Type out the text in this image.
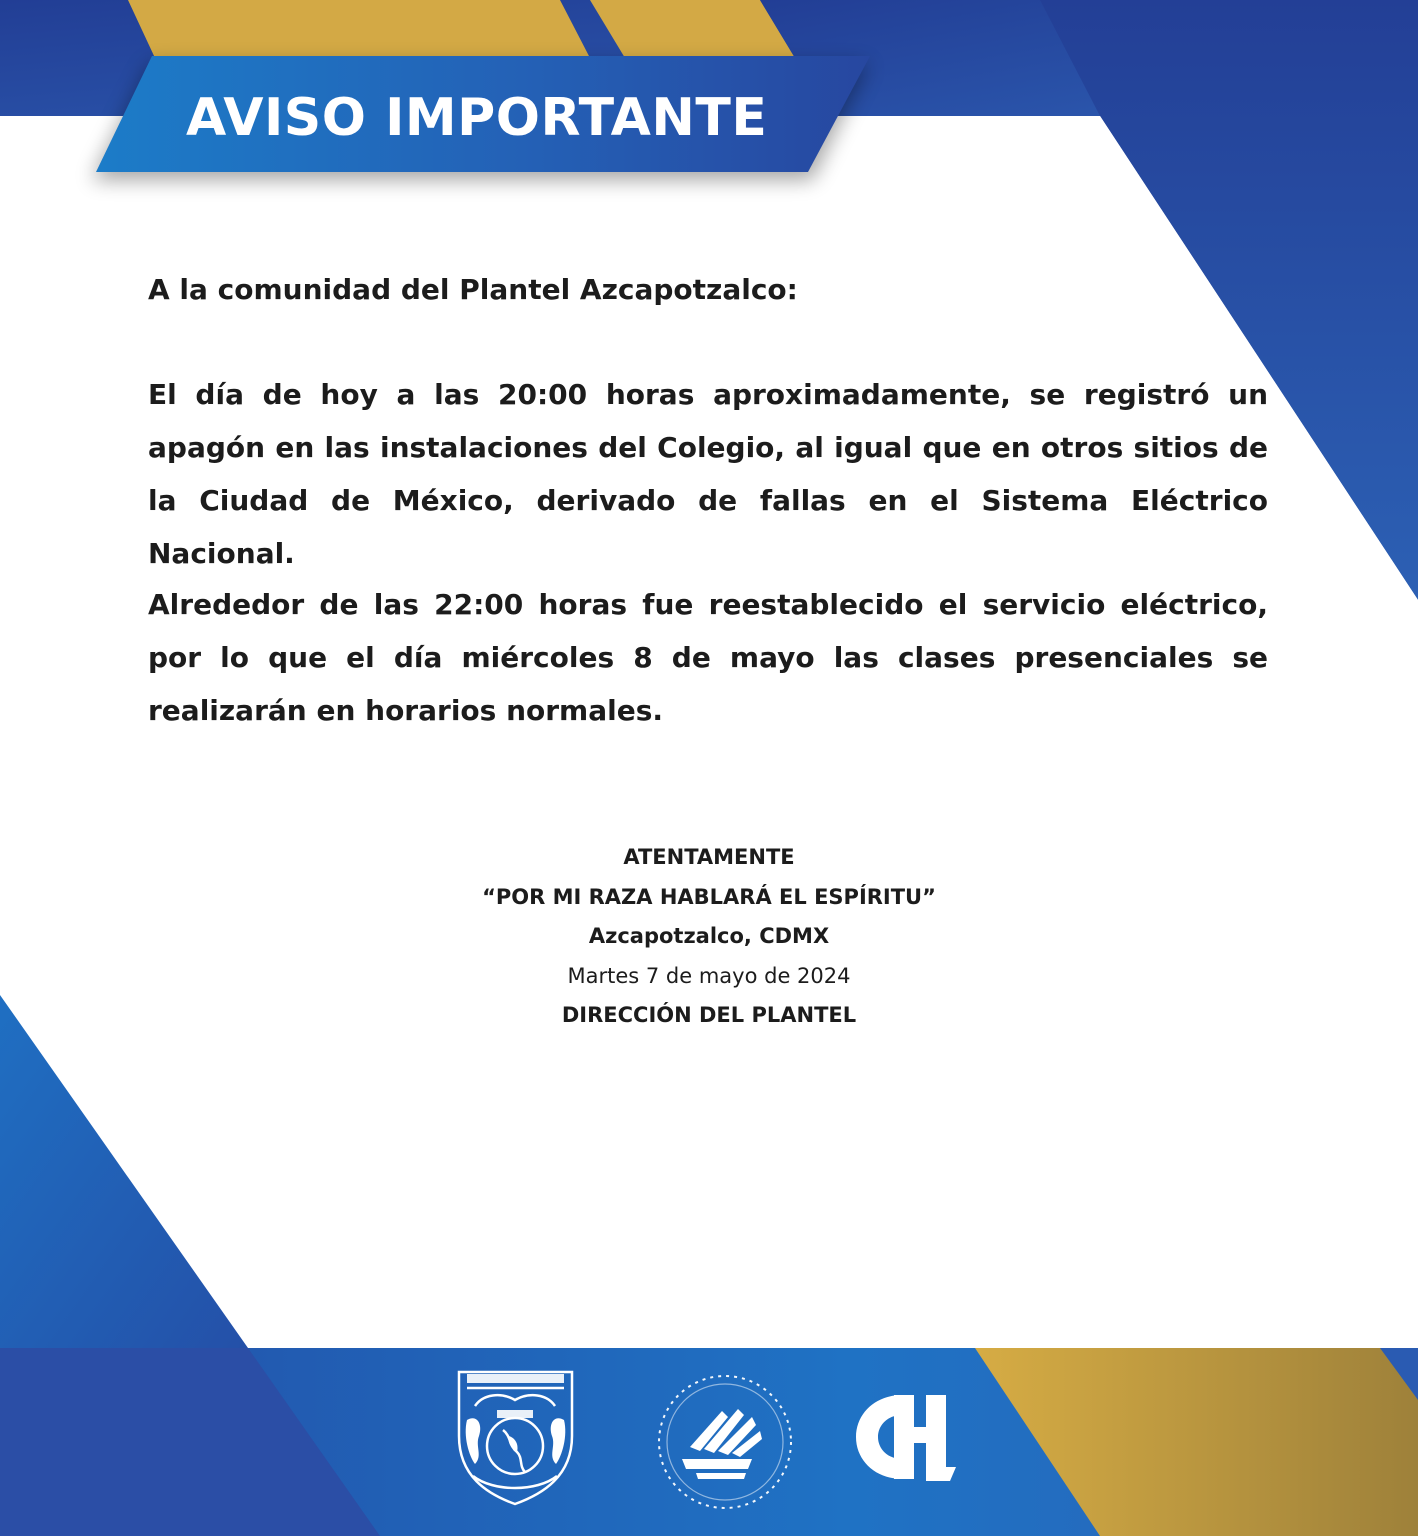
AVISO IMPORTANTE

A la comunidad del Plantel Azcapotzalco:

El día de hoy a las 20:00 horas aproximadamente, se registró un apagón en las instalaciones del Colegio, al igual que en otros sitios de la Ciudad de México, derivado de fallas en el Sistema Eléctrico Nacional.

Alrededor de las 22:00 horas fue reestablecido el servicio eléctrico, por lo que el día miércoles 8 de mayo las clases presenciales se realizarán en horarios normales.

ATENTAMENTE
“POR MI RAZA HABLARÁ EL ESPÍRITU”
Azcapotzalco, CDMX
Martes 7 de mayo de 2024
DIRECCIÓN DEL PLANTEL
